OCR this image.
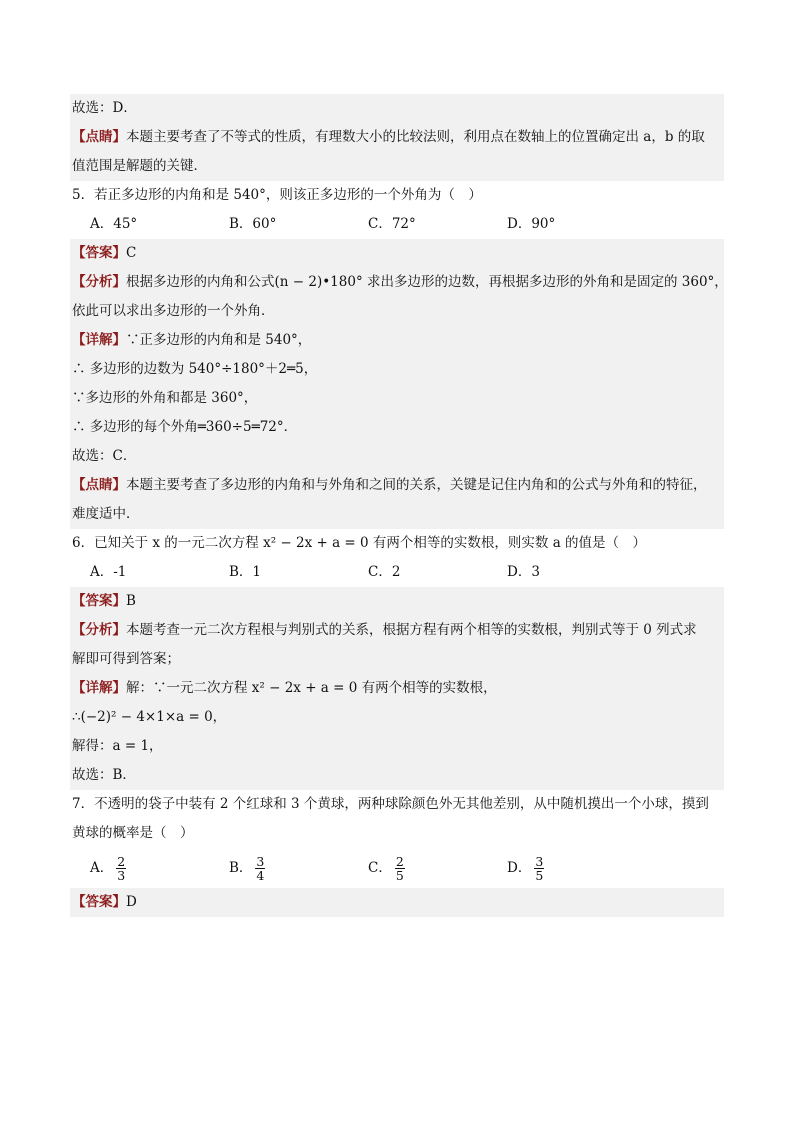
故选：D．
【点睛】本题主要考查了不等式的性质，有理数大小的比较法则，利用点在数轴上的位置确定出 a，b 的取
值范围是解题的关键．
5．若正多边形的内角和是 540°，则该正多边形的一个外角为（　）
A．45°	B．60°	C．72°	D．90°
【答案】C
【分析】根据多边形的内角和公式(n − 2)•180° 求出多边形的边数，再根据多边形的外角和是固定的 360°，
依此可以求出多边形的一个外角．
【详解】∵正多边形的内角和是 540°，
∴ 多边形的边数为 540°÷180°＋2═5，
∵多边形的外角和都是 360°，
∴ 多边形的每个外角═360÷5═72°．
故选：C．
【点睛】本题主要考查了多边形的内角和与外角和之间的关系，关键是记住内角和的公式与外角和的特征，
难度适中．
6．已知关于 x 的一元二次方程 x² − 2x + a = 0 有两个相等的实数根，则实数 a 的值是（　）
A．-1	B．1	C．2	D．3
【答案】B
【分析】本题考查一元二次方程根与判别式的关系，根据方程有两个相等的实数根，判别式等于 0 列式求
解即可得到答案；
【详解】解：∵一元二次方程 x² − 2x + a = 0 有两个相等的实数根，
∴(−2)² − 4×1×a = 0，
解得：a = 1，
故选：B．
7．不透明的袋子中装有 2 个红球和 3 个黄球，两种球除颜色外无其他差别，从中随机摸出一个小球，摸到
黄球的概率是（　）
A． $\frac{2}{3}$	B． $\frac{3}{4}$	C． $\frac{2}{5}$	D． $\frac{3}{5}$
【答案】D
